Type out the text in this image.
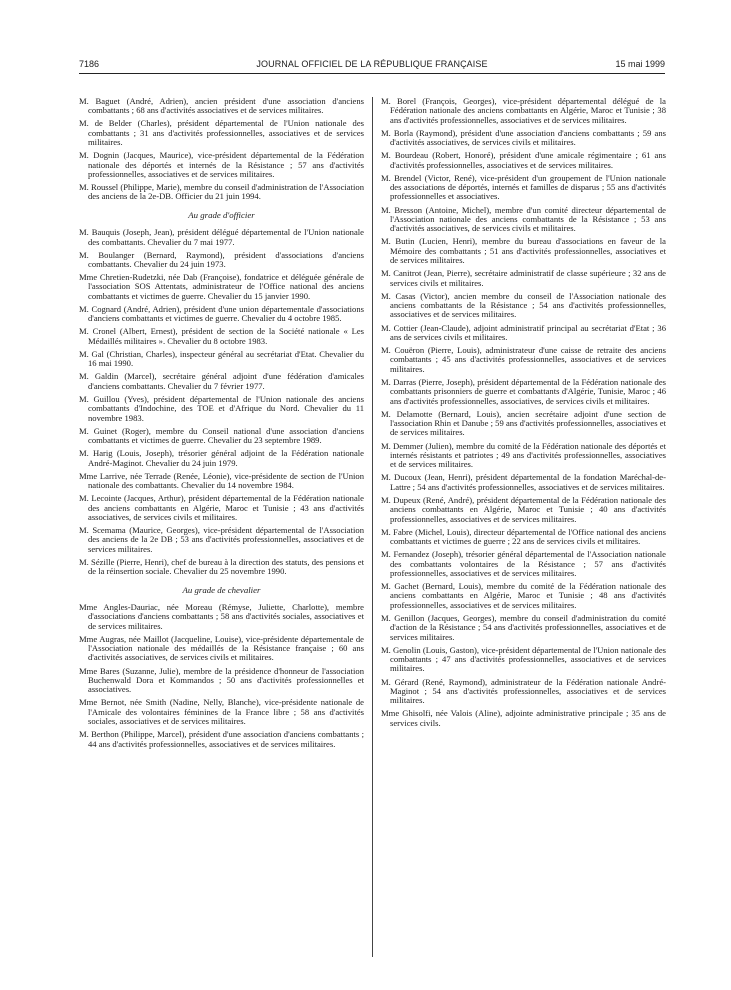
7186	JOURNAL OFFICIEL DE LA RÉPUBLIQUE FRANÇAISE	15 mai 1999

M. Baguet (André, Adrien), ancien président d'une association d'anciens combattants ; 68 ans d'activités associatives et de services militaires.

M. de Belder (Charles), président départemental de l'Union nationale des combattants ; 31 ans d'activités professionnelles, associatives et de services militaires.

M. Dognin (Jacques, Maurice), vice-président départemental de la Fédération nationale des déportés et internés de la Résistance ; 57 ans d'activités professionnelles, associatives et de services militaires.

M. Roussel (Philippe, Marie), membre du conseil d'administration de l'Association des anciens de la 2e-DB. Officier du 21 juin 1994.

Au grade d'officier

M. Bauquis (Joseph, Jean), président délégué départemental de l'Union nationale des combattants. Chevalier du 7 mai 1977.

M. Boulanger (Bernard, Raymond), président d'associations d'anciens combattants. Chevalier du 24 juin 1973.

Mme Chretien-Rudetzki, née Dab (Françoise), fondatrice et déléguée générale de l'association SOS Attentats, administrateur de l'Office national des anciens combattants et victimes de guerre. Chevalier du 15 janvier 1990.

M. Cognard (André, Adrien), président d'une union départementale d'associations d'anciens combattants et victimes de guerre. Chevalier du 4 octobre 1985.

M. Cronel (Albert, Ernest), président de section de la Société nationale « Les Médaillés militaires ». Chevalier du 8 octobre 1983.

M. Gal (Christian, Charles), inspecteur général au secrétariat d'Etat. Chevalier du 16 mai 1990.

M. Galdin (Marcel), secrétaire général adjoint d'une fédération d'amicales d'anciens combattants. Chevalier du 7 février 1977.

M. Guillou (Yves), président départemental de l'Union nationale des anciens combattants d'Indochine, des TOE et d'Afrique du Nord. Chevalier du 11 novembre 1983.

M. Guinet (Roger), membre du Conseil national d'une association d'anciens combattants et victimes de guerre. Chevalier du 23 septembre 1989.

M. Harig (Louis, Joseph), trésorier général adjoint de la Fédération nationale André-Maginot. Chevalier du 24 juin 1979.

Mme Larrive, née Terrade (Renée, Léonie), vice-présidente de section de l'Union nationale des combattants. Chevalier du 14 novembre 1984.

M. Lecointe (Jacques, Arthur), président départemental de la Fédération nationale des anciens combattants en Algérie, Maroc et Tunisie ; 43 ans d'activités associatives, de services civils et militaires.

M. Scemama (Maurice, Georges), vice-président départemental de l'Association des anciens de la 2e DB ; 53 ans d'activités professionnelles, associatives et de services militaires.

M. Sézille (Pierre, Henri), chef de bureau à la direction des statuts, des pensions et de la réinsertion sociale. Chevalier du 25 novembre 1990.

Au grade de chevalier

Mme Angles-Dauriac, née Moreau (Rémyse, Juliette, Charlotte), membre d'associations d'anciens combattants ; 58 ans d'activités sociales, associatives et de services militaires.

Mme Augras, née Maillot (Jacqueline, Louise), vice-présidente départementale de l'Association nationale des médaillés de la Résistance française ; 60 ans d'activités associatives, de services civils et militaires.

Mme Bares (Suzanne, Julie), membre de la présidence d'honneur de l'association Buchenwald Dora et Kommandos ; 50 ans d'activités professionnelles et associatives.

Mme Bernot, née Smith (Nadine, Nelly, Blanche), vice-présidente nationale de l'Amicale des volontaires féminines de la France libre ; 58 ans d'activités sociales, associatives et de services militaires.

M. Berthon (Philippe, Marcel), président d'une association d'anciens combattants ; 44 ans d'activités professionnelles, associatives et de services militaires.

M. Borel (François, Georges), vice-président départemental délégué de la Fédération nationale des anciens combattants en Algérie, Maroc et Tunisie ; 38 ans d'activités professionnelles, associatives et de services militaires.

M. Borla (Raymond), président d'une association d'anciens combattants ; 59 ans d'activités associatives, de services civils et militaires.

M. Bourdeau (Robert, Honoré), président d'une amicale régimentaire ; 61 ans d'activités professionnelles, associatives et de services militaires.

M. Brendel (Victor, René), vice-président d'un groupement de l'Union nationale des associations de déportés, internés et familles de disparus ; 55 ans d'activités professionnelles et associatives.

M. Bresson (Antoine, Michel), membre d'un comité directeur départemental de l'Association nationale des anciens combattants de la Résistance ; 53 ans d'activités associatives, de services civils et militaires.

M. Butin (Lucien, Henri), membre du bureau d'associations en faveur de la Mémoire des combattants ; 51 ans d'activités professionnelles, associatives et de services militaires.

M. Canitrot (Jean, Pierre), secrétaire administratif de classe supérieure ; 32 ans de services civils et militaires.

M. Casas (Victor), ancien membre du conseil de l'Association nationale des anciens combattants de la Résistance ; 54 ans d'activités professionnelles, associatives et de services militaires.

M. Cottier (Jean-Claude), adjoint administratif principal au secrétariat d'Etat ; 36 ans de services civils et militaires.

M. Couëron (Pierre, Louis), administrateur d'une caisse de retraite des anciens combattants ; 45 ans d'activités professionnelles, associatives et de services militaires.

M. Darras (Pierre, Joseph), président départemental de la Fédération nationale des combattants prisonniers de guerre et combattants d'Algérie, Tunisie, Maroc ; 46 ans d'activités professionnelles, associatives, de services civils et militaires.

M. Delamotte (Bernard, Louis), ancien secrétaire adjoint d'une section de l'association Rhin et Danube ; 59 ans d'activités professionnelles, associatives et de services militaires.

M. Demmer (Julien), membre du comité de la Fédération nationale des déportés et internés résistants et patriotes ; 49 ans d'activités professionnelles, associatives et de services militaires.

M. Ducoux (Jean, Henri), président départemental de la fondation Maréchal-de-Lattre ; 54 ans d'activités professionnelles, associatives et de services militaires.

M. Dupeux (René, André), président départemental de la Fédération nationale des anciens combattants en Algérie, Maroc et Tunisie ; 40 ans d'activités professionnelles, associatives et de services militaires.

M. Fabre (Michel, Louis), directeur départemental de l'Office national des anciens combattants et victimes de guerre ; 22 ans de services civils et militaires.

M. Fernandez (Joseph), trésorier général départemental de l'Association nationale des combattants volontaires de la Résistance ; 57 ans d'activités professionnelles, associatives et de services militaires.

M. Gachet (Bernard, Louis), membre du comité de la Fédération nationale des anciens combattants en Algérie, Maroc et Tunisie ; 48 ans d'activités professionnelles, associatives et de services militaires.

M. Genillon (Jacques, Georges), membre du conseil d'administration du comité d'action de la Résistance ; 54 ans d'activités professionnelles, associatives et de services militaires.

M. Genolin (Louis, Gaston), vice-président départemental de l'Union nationale des combattants ; 47 ans d'activités professionnelles, associatives et de services militaires.

M. Gérard (René, Raymond), administrateur de la Fédération nationale André-Maginot ; 54 ans d'activités professionnelles, associatives et de services militaires.

Mme Ghisolfi, née Valois (Aline), adjointe administrative principale ; 35 ans de services civils.
